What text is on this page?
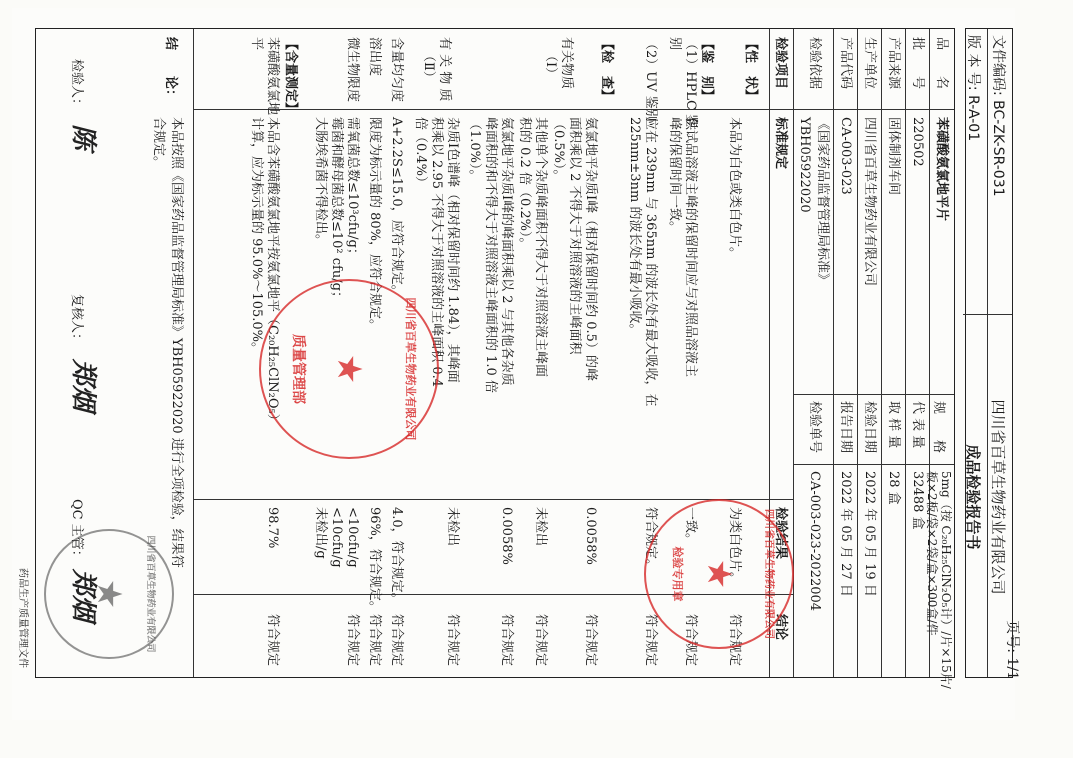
页号: 1/1
文件编码: BC-ZK-SR-031
四川省百草生物药业有限公司
版 本 号: R-A-01
成品检验报告书
品　　名
苯磺酸氨氯地平片
批　　号
220502
产品来源
固体制剂车间
生产单位
四川省百草生物药业有限公司
产品代码
CA-003-023
检验依据
《国家药品监督管理局标准》
YBH05922020
规　　格
5mg（按 C₂₀H₂₅ClN₂O₅计）/片×15片/
板×2板/袋×2袋/盒×300盒/件
代 表 量
32488 盒
取 样 量
28 盒
检验日期
2022 年 05 月 19 日
报告日期
2022 年 05 月 27 日
检验单号
CA-003-023-2022004
检验项目
标准规定
检验结果
结论
【性　状】
本品为白色或类白色片。
为类白色片。
符合规定
【鉴　别】
（1）HPLC 鉴
别
供试品溶液主峰的保留时间应与对照品溶液主
峰的保留时间一致。
一致。
符合规定
（2）UV 鉴别
应在 239nm 与 365nm 的波长处有最大吸收，在
225nm±3nm 的波长处有最小吸收。
符合规定。
符合规定
【检　查】
有关物质
（Ⅰ）
氨氯地平杂质Ⅰ峰（相对保留时间约 0.5）的峰
面积乘以 2 不得大于对照溶液的主峰面积
（0.5%）。
0.0058%
符合规定
其他单个杂质峰面积不得大于对照溶液主峰面
积的 0.2 倍（0.2%）。
未检出
符合规定
氨氯地平杂质Ⅰ峰的峰面积乘以 2 与其他各杂质
峰面积的和不得大于对照溶液主峰面积的 1.0 倍
（1.0%）。
0.0058%
符合规定
有 关 物 质
（Ⅱ）
杂质Ⅰ色谱峰（相对保留时间约 1.84），其峰面
积乘以 2.95 不得大于对照溶液的主峰面积 0.4
倍（0.4%）
未检出
符合规定
含量均匀度
A+2.2S≤15.0，应符合规定。
4.0，符合规定。
符合规定
溶出度
限度为标示量的 80%，应符合规定。
96%，符合规定。
符合规定
微生物限度
需氧菌总数≤10³cfu/g；
霉菌和酵母菌总数≤10² cfu/g；
大肠埃希菌不得检出。
<10cfu/g
<10cfu/g
未检出/g
符合规定
【含量测定】
苯磺酸氨氯地
平
本品含苯磺酸氨氯地平按氨氯地平（C₂₀H₂₅ClN₂O₅）
计算，应为标示量的 95.0%～105.0%。
98.7%
符合规定
结　　论：
本品按照《国家药品监督管理局标准》YBH05922020 进行全项检验，结果符
合规定。
检验人：
陈
复核人：
郑烟
QC 主管：
郑烟
四川省百草生物药业有限公司
★
质量管理部
四川省百草生物药业有限公司
★
检验专用章
四川省百草生物药业有限公司
★
药品生产质量管理文件
